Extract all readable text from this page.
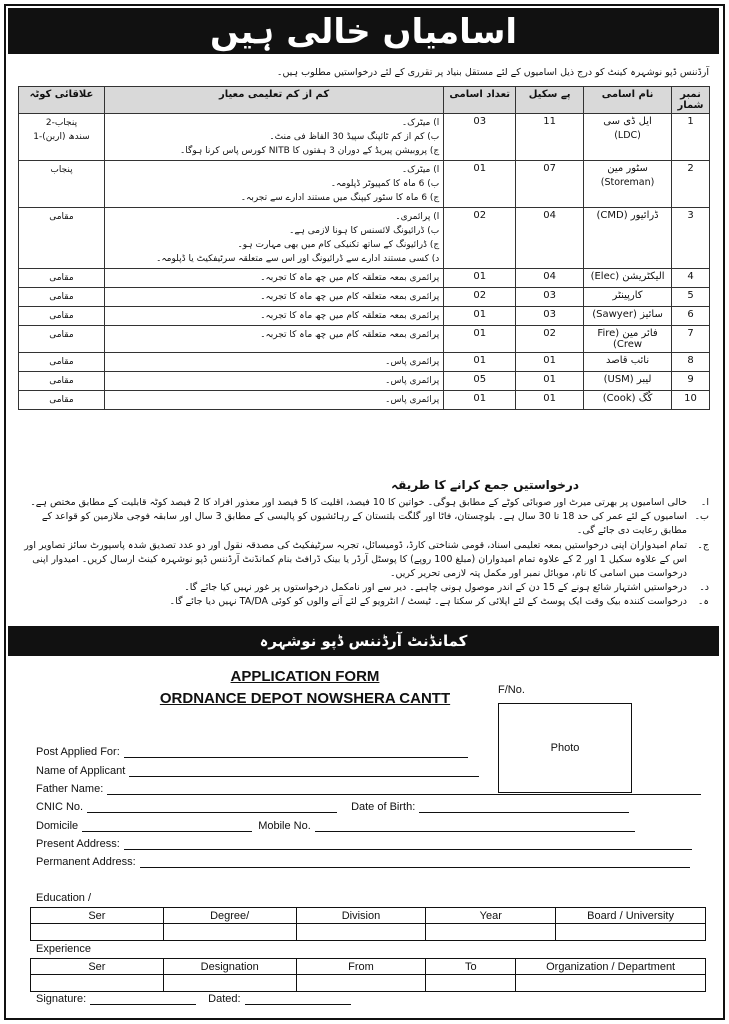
اسامیاں خالی ہیں
آرڈننس ڈپو نوشہرہ کینٹ کو درج ذیل اسامیوں کے لئے مستقل بنیاد پر تقرری کے لئے درخواستیں مطلوب ہیں۔
نمبر شمار	نام اسامی	پے سکیل	تعداد اسامی	کم از کم تعلیمی معیار	علاقائی کوٹہ
1	ایل ڈی سی
(LDC)	11	03	ا) میٹرک۔
ب) کم از کم ٹائپنگ سپیڈ 30 الفاظ فی منٹ۔
ج) پروبیشن پیریڈ کے دوران 3 ہفتوں کا NITB کورس پاس کرنا ہوگا۔	پنجاب-2
سندھ (اربن)-1

2	سٹور مین
(Storeman)	07	01	ا) میٹرک۔
ب) 6 ماہ کا کمپیوٹر ڈپلومہ۔
ج) 6 ماہ کا سٹور کیپنگ میں مستند ادارے سے تجربہ۔	پنجاب

3	ڈرائیور (CMD)	04	02	ا) پرائمری۔
ب) ڈرائیونگ لائسنس کا ہونا لازمی ہے۔
ج) ڈرائیونگ کے ساتھ تکنیکی کام میں بھی مہارت ہو۔
د) کسی مستند ادارے سے ڈرائیونگ اور اس سے متعلقہ سرٹیفکیٹ یا ڈپلومہ۔	مقامی

4	الیکٹریشن (Elec)	04	01	پرائمری بمعہ متعلقہ کام میں چھ ماہ کا تجربہ۔	مقامی

5	کارپینٹر	03	02	پرائمری بمعہ متعلقہ کام میں چھ ماہ کا تجربہ۔	مقامی

6	سائیز (Sawyer)	03	01	پرائمری بمعہ متعلقہ کام میں چھ ماہ کا تجربہ۔	مقامی

7	فائر مین (Fire Crew)	02	01	پرائمری بمعہ متعلقہ کام میں چھ ماہ کا تجربہ۔	مقامی

8	نائب قاصد	01	01	پرائمری پاس۔	مقامی

9	لیبر (USM)	01	05	پرائمری پاس۔	مقامی

10	کُگ (Cook)	01	01	پرائمری پاس۔	مقامی
درخواستیں جمع کرانے کا طریقہ
ا۔
خالی اسامیوں پر بھرتی میرٹ اور صوبائی کوٹے کے مطابق ہوگی۔ خواتین کا 10 فیصد، اقلیت کا 5 فیصد اور معذور افراد کا 2 فیصد کوٹہ قابلیت کے مطابق مختص ہے۔
ب۔
اسامیوں کے لئے عمر کی حد 18 تا 30 سال ہے۔ بلوچستان، فاٹا اور گلگت بلتستان کے رہائشیوں کو پالیسی کے مطابق 3 سال اور سابقہ فوجی ملازمین کو قواعد کے مطابق رعایت دی جائے گی۔
ج۔
تمام امیدواران اپنی درخواستیں بمعہ تعلیمی اسناد، قومی شناختی کارڈ، ڈومیسائل، تجربہ سرٹیفکیٹ کی مصدقہ نقول اور دو عدد تصدیق شدہ پاسپورٹ سائز تصاویر اور اس کے علاوہ سکیل 1 اور 2 کے علاوہ تمام امیدواران (مبلغ 100 روپے) کا پوسٹل آرڈر یا بینک ڈرافٹ بنام کمانڈنٹ آرڈننس ڈپو نوشہرہ کینٹ ارسال کریں۔ امیدوار اپنی درخواست میں اسامی کا نام، موبائل نمبر اور مکمل پتہ لازمی تحریر کریں۔
د۔
درخواستیں اشتہار شائع ہونے کے 15 دن کے اندر موصول ہونی چاہیے۔ دیر سے اور نامکمل درخواستوں پر غور نہیں کیا جائے گا۔
ہ۔
درخواست کنندہ بیک وقت ایک پوسٹ کے لئے اپلائی کر سکتا ہے۔ ٹیسٹ / انٹرویو کے لئے آنے والوں کو کوئی TA/DA نہیں دیا جائے گا۔
کمانڈنٹ آرڈننس ڈپو نوشہرہ
APPLICATION FORM
ORDNANCE DEPOT NOWSHERA CANTT	F/No.
Photo
Post Applied For:
Name of Applicant
Father Name:
CNIC No.	Date of Birth:
Domicile	Mobile No.
Present Address:
Permanent Address:
Education /
Ser	Degree/	Division	Year	Board / University

Experience
Ser	Designation	From	To	Organization / Department

Signature:	Dated:
